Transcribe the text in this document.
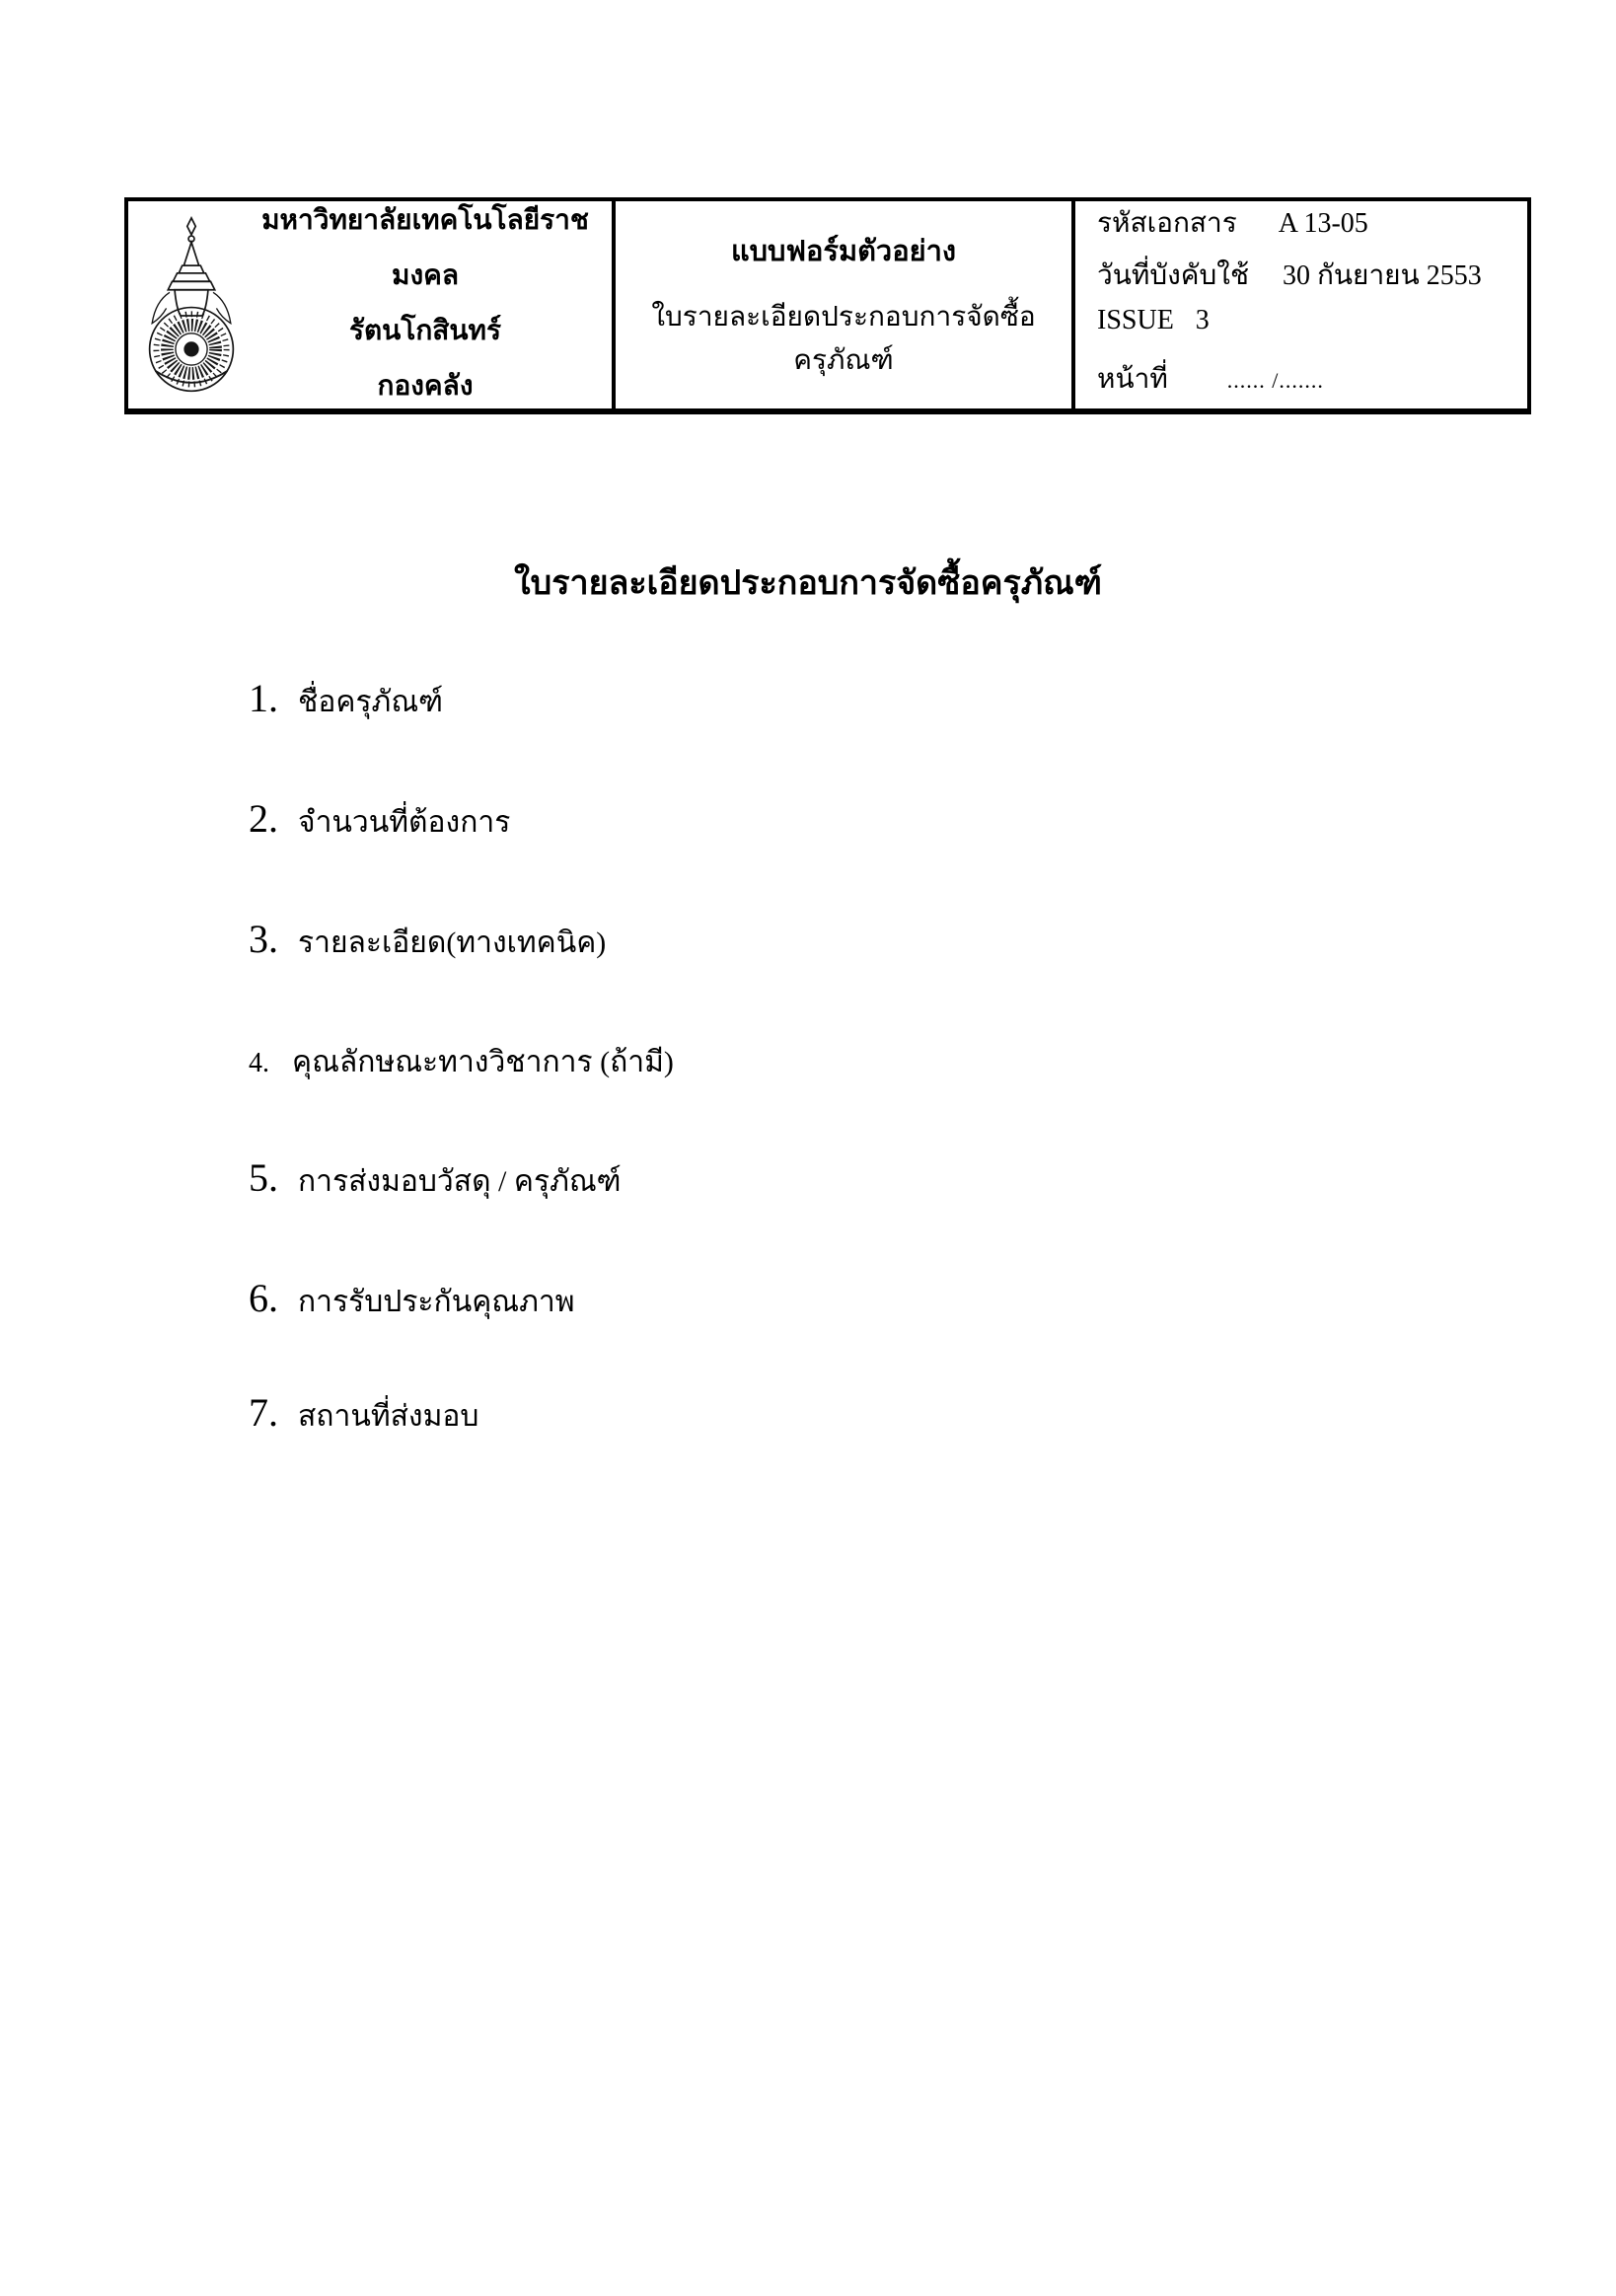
มหาวิทยาลัยเทคโนโลยีราชมงคล
รัตนโกสินทร์
กองคลัง
แบบฟอร์มตัวอย่าง
ใบรายละเอียดประกอบการจัดซื้อครุภัณฑ์
รหัสเอกสาร A 13-05
วันที่บังคับใช้ 30 กันยายน 2553
ISSUE 3
หน้าที่	...... /.......
ใบรายละเอียดประกอบการจัดซื้อครุภัณฑ์
1. ชื่อครุภัณฑ์
2. จำนวนที่ต้องการ
3. รายละเอียด(ทางเทคนิค)
4. คุณลักษณะทางวิชาการ (ถ้ามี)
5. การส่งมอบวัสดุ / ครุภัณฑ์
6. การรับประกันคุณภาพ
7. สถานที่ส่งมอบ
